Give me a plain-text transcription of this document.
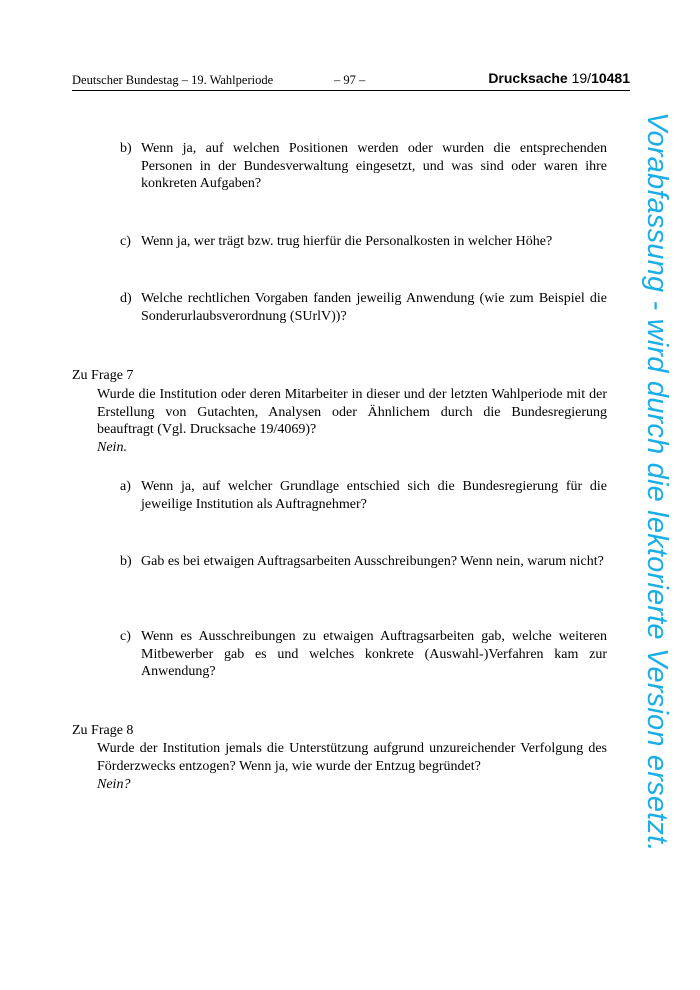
Deutscher Bundestag – 19. Wahlperiode	– 97 –	Drucksache 19/10481
b) Wenn ja, auf welchen Positionen werden oder wurden die entsprechenden Personen in der Bundesverwaltung eingesetzt, und was sind oder waren ihre konkreten Aufgaben?
c) Wenn ja, wer trägt bzw. trug hierfür die Personalkosten in welcher Höhe?
d) Welche rechtlichen Vorgaben fanden jeweilig Anwendung (wie zum Beispiel die Sonderurlaubsverordnung (SUrlV))?
Zu Frage 7
Wurde die Institution oder deren Mitarbeiter in dieser und der letzten Wahlperiode mit der Erstellung von Gutachten, Analysen oder Ähnlichem durch die Bundesregierung beauftragt (Vgl. Drucksache 19/4069)?
Nein.
a) Wenn ja, auf welcher Grundlage entschied sich die Bundesregierung für die jeweilige Institution als Auftragnehmer?
b) Gab es bei etwaigen Auftragsarbeiten Ausschreibungen? Wenn nein, warum nicht?
c) Wenn es Ausschreibungen zu etwaigen Auftragsarbeiten gab, welche weiteren Mitbewerber gab es und welches konkrete (Auswahl-)Verfahren kam zur Anwendung?
Zu Frage 8
Wurde der Institution jemals die Unterstützung aufgrund unzureichender Verfolgung des Förderzwecks entzogen? Wenn ja, wie wurde der Entzug begründet?
Nein?	Vorabfassung - wird durch die lektorierte Version ersetzt.
